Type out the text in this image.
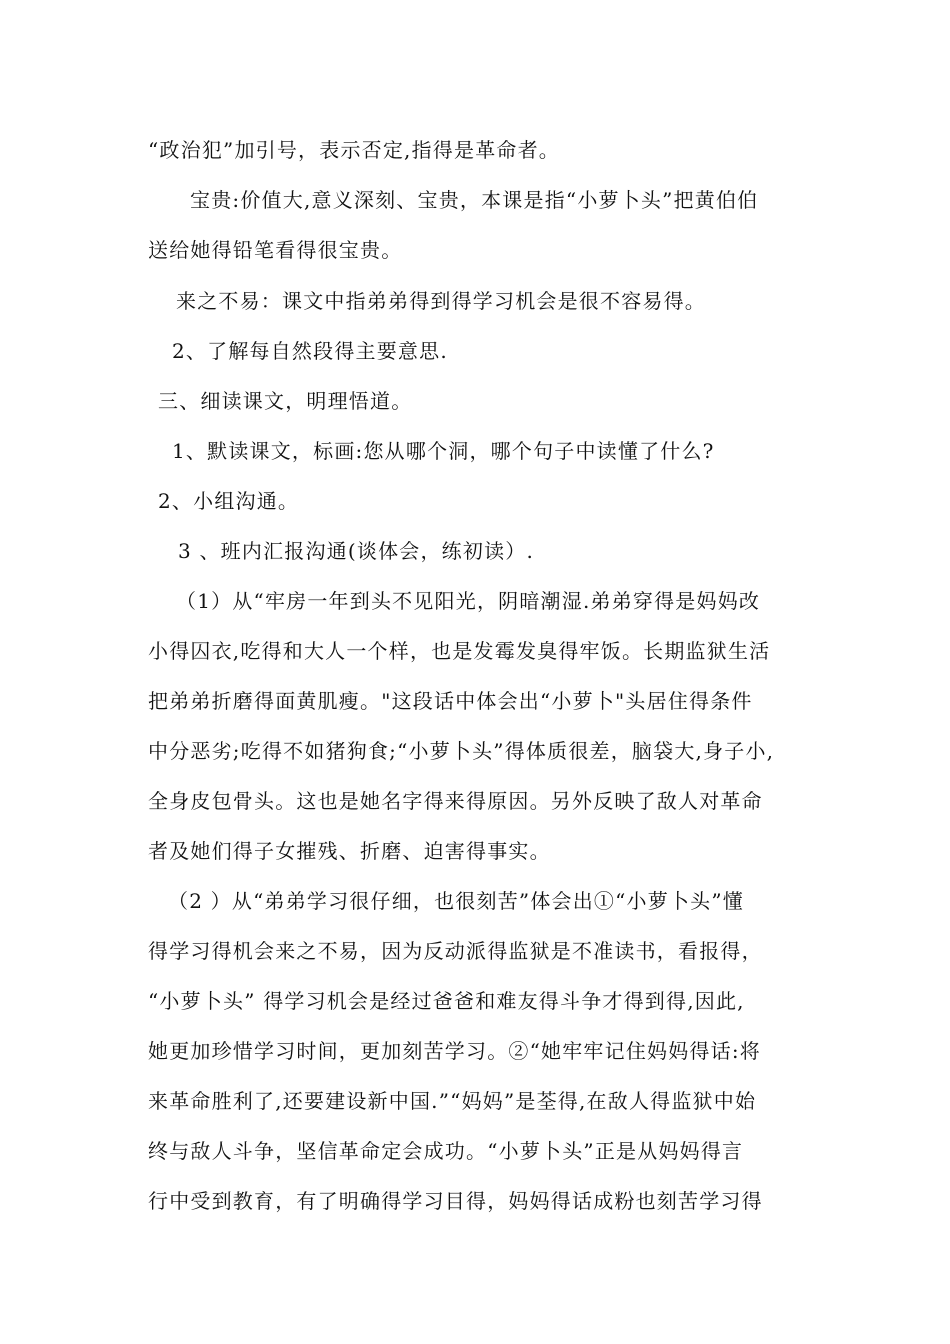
“政治犯”加引号，表示否定,指得是革命者。
宝贵:价值大,意义深刻、宝贵，本课是指“小萝卜头”把黄伯伯
送给她得铅笔看得很宝贵。
来之不易：课文中指弟弟得到得学习机会是很不容易得。
2、了解每自然段得主要意思.
三、细读课文，明理悟道。
1、默读课文，标画:您从哪个洞，哪个句子中读懂了什么?
2、小组沟通。
3 、班内汇报沟通(谈体会，练初读）.
（1）从“牢房一年到头不见阳光，阴暗潮湿.弟弟穿得是妈妈改
小得囚衣,吃得和大人一个样，也是发霉发臭得牢饭。长期监狱生活
把弟弟折磨得面黄肌瘦。"这段话中体会出“小萝卜"头居住得条件
中分恶劣;吃得不如猪狗食;“小萝卜头”得体质很差，脑袋大,身子小,
全身皮包骨头。这也是她名字得来得原因。另外反映了敌人对革命
者及她们得子女摧残、折磨、迫害得事实。
（2 ）从“弟弟学习很仔细，也很刻苦”体会出①“小萝卜头”懂
得学习得机会来之不易，因为反动派得监狱是不准读书，看报得，
“小萝卜头” 得学习机会是经过爸爸和难友得斗争才得到得,因此,
她更加珍惜学习时间，更加刻苦学习。②“她牢牢记住妈妈得话:将
来革命胜利了,还要建设新中国.”“妈妈”是荃得,在敌人得监狱中始
终与敌人斗争，坚信革命定会成功。“小萝卜头”正是从妈妈得言
行中受到教育，有了明确得学习目得，妈妈得话成粉也刻苦学习得
